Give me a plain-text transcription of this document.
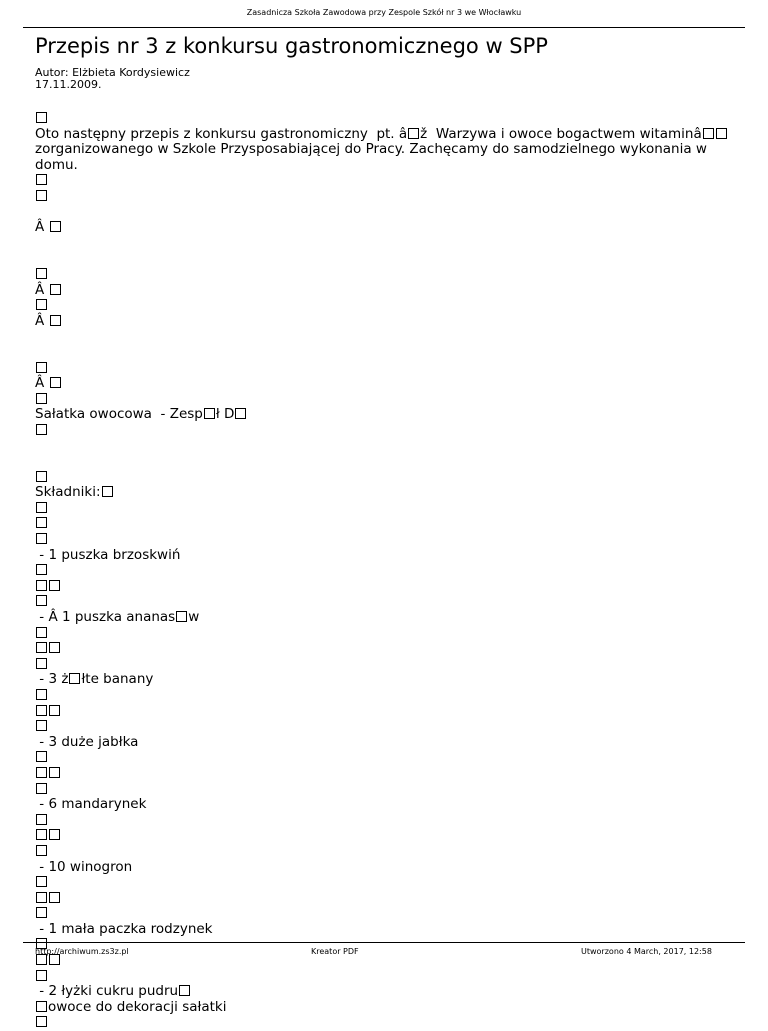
Zasadnicza Szkoła Zawodowa przy Zespole Szkół nr 3 we Włocławku
Przepis nr 3 z konkursu gastronomicznego w SPP
Autor: Elżbieta Kordysiewicz
17.11.2009.
Oto następny przepis z konkursu gastronomiczny  pt. â ž  Warzywa i owoce bogactwem witaminâ
zorganizowanego w Szkole Przysposabiającej do Pracy. Zachęcamy do samodzielnego wykonania w domu.
Â
Â
Â
Â
Sałatka owocowa  - Zesp ł D
Składniki:
- 1 puszka brzoskwiń
- Â 1 puszka ananas w
- 3 ż łte banany
- 3 duże jabłka
- 6 mandarynek
- 10 winogron
- 1 mała paczka rodzynek
- 2 łyżki cukru pudru
owoce do dekoracji sałatki
http://archiwum.zs3z.pl	Kreator PDF	Utworzono 4 March, 2017, 12:58
